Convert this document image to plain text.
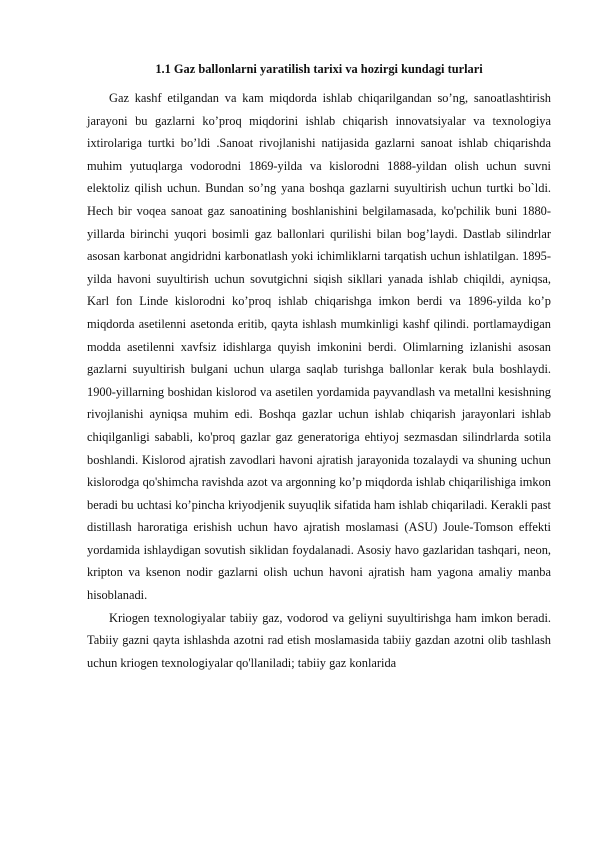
1.1 Gaz ballonlarni yaratilish tarixi va hozirgi kundagi turlari

Gaz kashf etilgandan va kam miqdorda ishlab chiqarilgandan so’ng, sanoatlashtirish jarayoni bu gazlarni ko’proq miqdorini ishlab chiqarish innovatsiyalar va texnologiya ixtirolariga turtki bo’ldi .Sanoat rivojlanishi natijasida gazlarni sanoat ishlab chiqarishda muhim yutuqlarga vodorodni 1869-yilda va kislorodni 1888-yildan olish uchun suvni elektoliz qilish uchun. Bundan so’ng yana boshqa gazlarni suyultirish uchun turtki bo`ldi. Hech bir voqea sanoat gaz sanoatining boshlanishini belgilamasada, ko'pchilik buni 1880-yillarda birinchi yuqori bosimli gaz ballonlari qurilishi bilan bog’laydi. Dastlab silindrlar asosan karbonat angidridni karbonatlash yoki ichimliklarni tarqatish uchun ishlatilgan. 1895-yilda havoni suyultirish uchun sovutgichni siqish sikllari yanada ishlab chiqildi, ayniqsa, Karl fon Linde kislorodni ko’proq ishlab chiqarishga imkon berdi va 1896-yilda ko’p miqdorda asetilenni asetonda eritib, qayta ishlash mumkinligi kashf qilindi. portlamaydigan modda asetilenni xavfsiz idishlarga quyish imkonini berdi. Olimlarning izlanishi asosan gazlarni suyultirish bulgani uchun ularga saqlab turishga ballonlar kerak bula boshlaydi. 1900-yillarning boshidan kislorod va asetilen yordamida payvandlash va metallni kesishning rivojlanishi ayniqsa muhim edi. Boshqa gazlar uchun ishlab chiqarish jarayonlari ishlab chiqilganligi sababli, ko'proq gazlar gaz generatoriga ehtiyoj sezmasdan silindrlarda sotila boshlandi. Kislorod ajratish zavodlari havoni ajratish jarayonida tozalaydi va shuning uchun kislorodga qo'shimcha ravishda azot va argonning ko’p miqdorda ishlab chiqarilishiga imkon beradi bu uchtasi ko’pincha kriyodjenik suyuqlik sifatida ham ishlab chiqariladi. Kerakli past distillash haroratiga erishish uchun havo ajratish moslamasi (ASU) Joule-Tomson effekti yordamida ishlaydigan sovutish siklidan foydalanadi. Asosiy havo gazlaridan tashqari, neon, kripton va ksenon nodir gazlarni olish uchun havoni ajratish ham yagona amaliy manba hisoblanadi.

Kriogen texnologiyalar tabiiy gaz, vodorod va geliyni suyultirishga ham imkon beradi. Tabiiy gazni qayta ishlashda azotni rad etish moslamasida tabiiy gazdan azotni olib tashlash uchun kriogen texnologiyalar qo'llaniladi; tabiiy gaz konlarida
